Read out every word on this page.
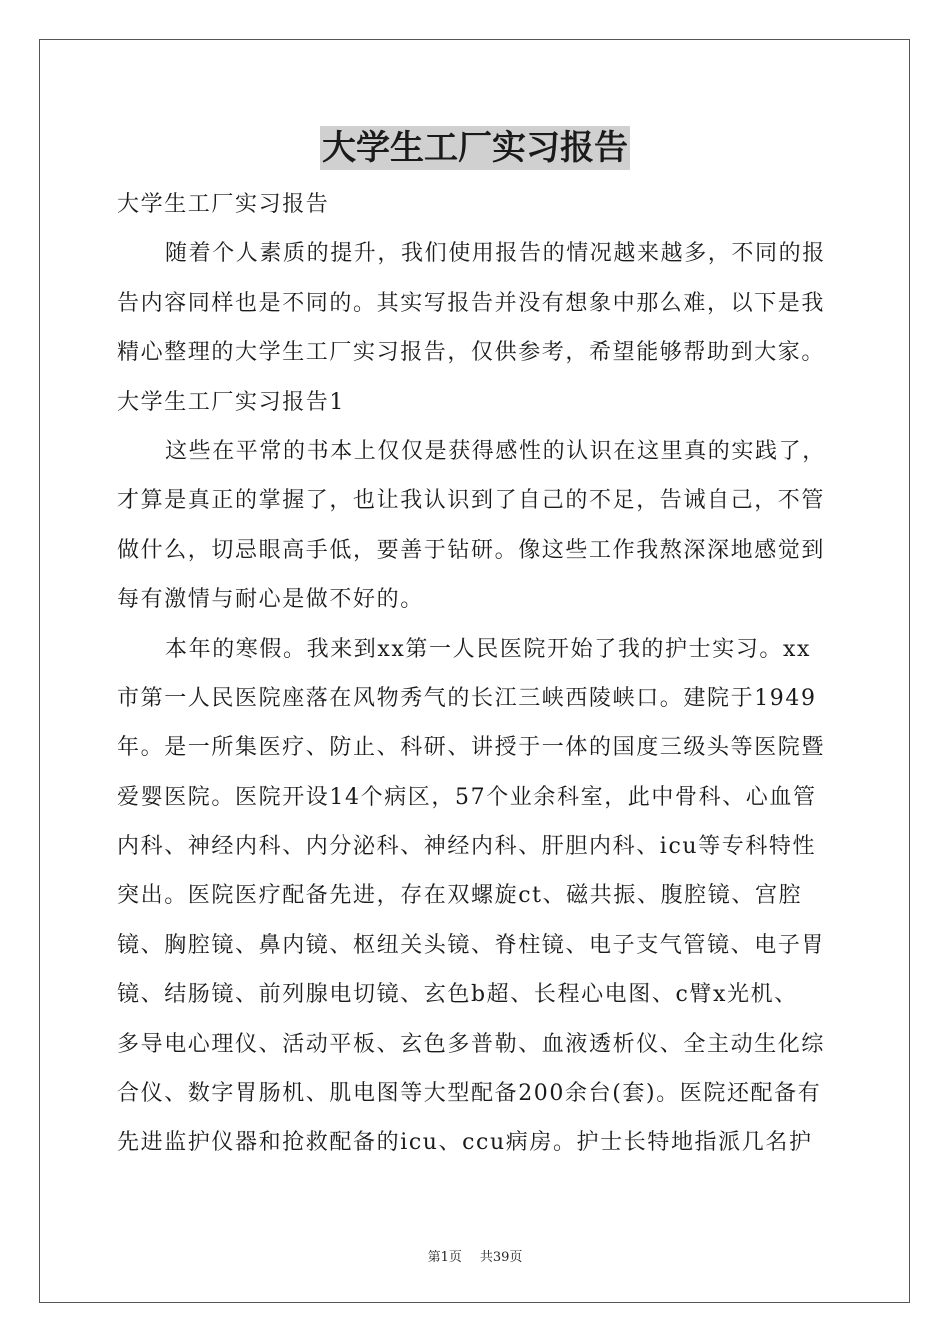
大学生工厂实习报告
大学生工厂实习报告
随着个人素质的提升，我们使用报告的情况越来越多，不同的报
告内容同样也是不同的。其实写报告并没有想象中那么难，以下是我
精心整理的大学生工厂实习报告，仅供参考，希望能够帮助到大家。
大学生工厂实习报告1
这些在平常的书本上仅仅是获得感性的认识在这里真的实践了，
才算是真正的掌握了，也让我认识到了自己的不足，告诫自己，不管
做什么，切忌眼高手低，要善于钻研。像这些工作我熬深深地感觉到
每有激情与耐心是做不好的。
本年的寒假。我来到xx第一人民医院开始了我的护士实习。xx
市第一人民医院座落在风物秀气的长江三峡西陵峡口。建院于1949
年。是一所集医疗、防止、科研、讲授于一体的国度三级头等医院暨
爱婴医院。医院开设14个病区，57个业余科室，此中骨科、心血管
内科、神经内科、内分泌科、神经内科、肝胆内科、icu等专科特性
突出。医院医疗配备先进，存在双螺旋ct、磁共振、腹腔镜、宫腔
镜、胸腔镜、鼻内镜、枢纽关头镜、脊柱镜、电子支气管镜、电子胃
镜、结肠镜、前列腺电切镜、玄色b超、长程心电图、c臂x光机、
多导电心理仪、活动平板、玄色多普勒、血液透析仪、全主动生化综
合仪、数字胃肠机、肌电图等大型配备200余台(套)。医院还配备有
先进监护仪器和抢救配备的icu、ccu病房。护士长特地指派几名护
第1页 共39页
